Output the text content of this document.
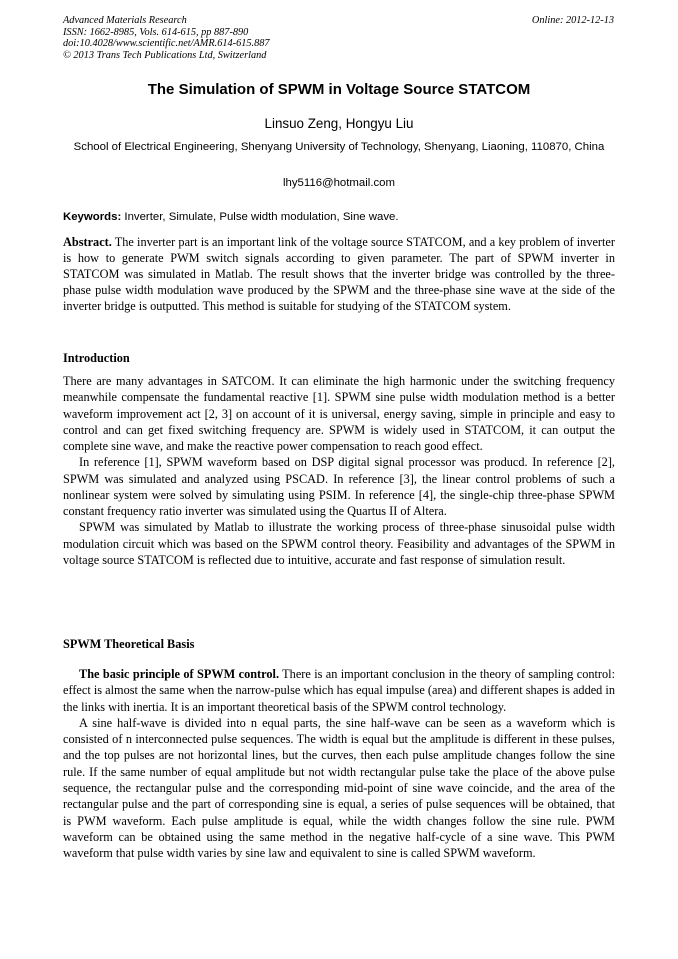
Advanced Materials Research
ISSN: 1662-8985, Vols. 614-615, pp 887-890
doi:10.4028/www.scientific.net/AMR.614-615.887
© 2013 Trans Tech Publications Ltd, Switzerland
Online: 2012-12-13
The Simulation of SPWM in Voltage Source STATCOM
Linsuo Zeng, Hongyu Liu
School of Electrical Engineering, Shenyang University of Technology, Shenyang, Liaoning, 110870, China
lhy5116@hotmail.com
Keywords: Inverter, Simulate, Pulse width modulation, Sine wave.

Abstract. The inverter part is an important link of the voltage source STATCOM, and a key problem of inverter is how to generate PWM switch signals according to given parameter. The part of SPWM inverter in STATCOM was simulated in Matlab. The result shows that the inverter bridge was controlled by the three-phase pulse width modulation wave produced by the SPWM and the three-phase sine wave at the side of the inverter bridge is outputted. This method is suitable for studying of the STATCOM system.

Introduction

There are many advantages in SATCOM. It can eliminate the high harmonic under the switching frequency meanwhile compensate the fundamental reactive [1]. SPWM sine pulse width modulation method is a better waveform improvement act [2, 3] on account of it is universal, energy saving, simple in principle and easy to control and can get fixed switching frequency are. SPWM is widely used in STATCOM, it can output the complete sine wave, and make the reactive power compensation to reach good effect.

In reference [1], SPWM waveform based on DSP digital signal processor was producd. In reference [2], SPWM was simulated and analyzed using PSCAD. In reference [3], the linear control problems of such a nonlinear system were solved by simulating using PSIM. In reference [4], the single-chip three-phase SPWM constant frequency ratio inverter was simulated using the Quartus II of Altera.

SPWM was simulated by Matlab to illustrate the working process of three-phase sinusoidal pulse width modulation circuit which was based on the SPWM control theory. Feasibility and advantages of the SPWM in voltage source STATCOM is reflected due to intuitive, accurate and fast response of simulation result.

SPWM Theoretical Basis

The basic principle of SPWM control. There is an important conclusion in the theory of sampling control: effect is almost the same when the narrow-pulse which has equal impulse (area) and different shapes is added in the links with inertia. It is an important theoretical basis of the SPWM control technology.

A sine half-wave is divided into n equal parts, the sine half-wave can be seen as a waveform which is consisted of n interconnected pulse sequences. The width is equal but the amplitude is different in these pulses, and the top pulses are not horizontal lines, but the curves, then each pulse amplitude changes follow the sine rule. If the same number of equal amplitude but not width rectangular pulse take the place of the above pulse sequence, the rectangular pulse and the corresponding mid-point of sine wave coincide, and the area of the rectangular pulse and the part of corresponding sine is equal, a series of pulse sequences will be obtained, that is PWM waveform. Each pulse amplitude is equal, while the width changes follow the sine rule. PWM waveform can be obtained using the same method in the negative half-cycle of a sine wave. This PWM waveform that pulse width varies by sine law and equivalent to sine is called SPWM waveform.
